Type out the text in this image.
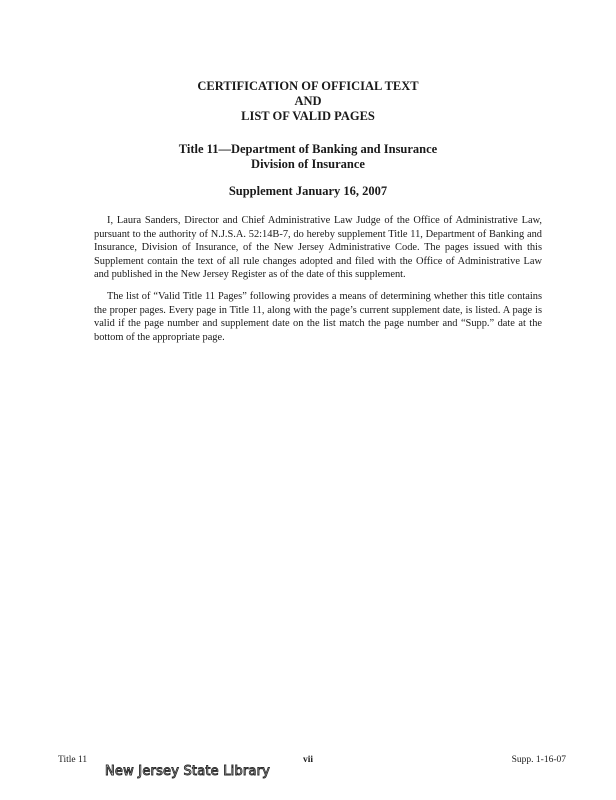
CERTIFICATION OF OFFICIAL TEXT
AND
LIST OF VALID PAGES
Title 11—Department of Banking and Insurance
Division of Insurance
Supplement January 16, 2007

I, Laura Sanders, Director and Chief Administrative Law Judge of the Office of Administrative Law, pursuant to the authority of N.J.S.A. 52:14B-7, do hereby supplement Title 11, Department of Banking and Insurance, Division of Insurance, of the New Jersey Administrative Code. The pages issued with this Supplement contain the text of all rule changes adopted and filed with the Office of Administrative Law and published in the New Jersey Register as of the date of this supplement.

The list of “Valid Title 11 Pages” following provides a means of determining whether this title contains the proper pages. Every page in Title 11, along with the page’s current supplement date, is listed. A page is valid if the page number and supplement date on the list match the page number and “Supp.” date at the bottom of the appropriate page.

Title 11	vii	Supp. 1-16-07
New Jersey State Library
